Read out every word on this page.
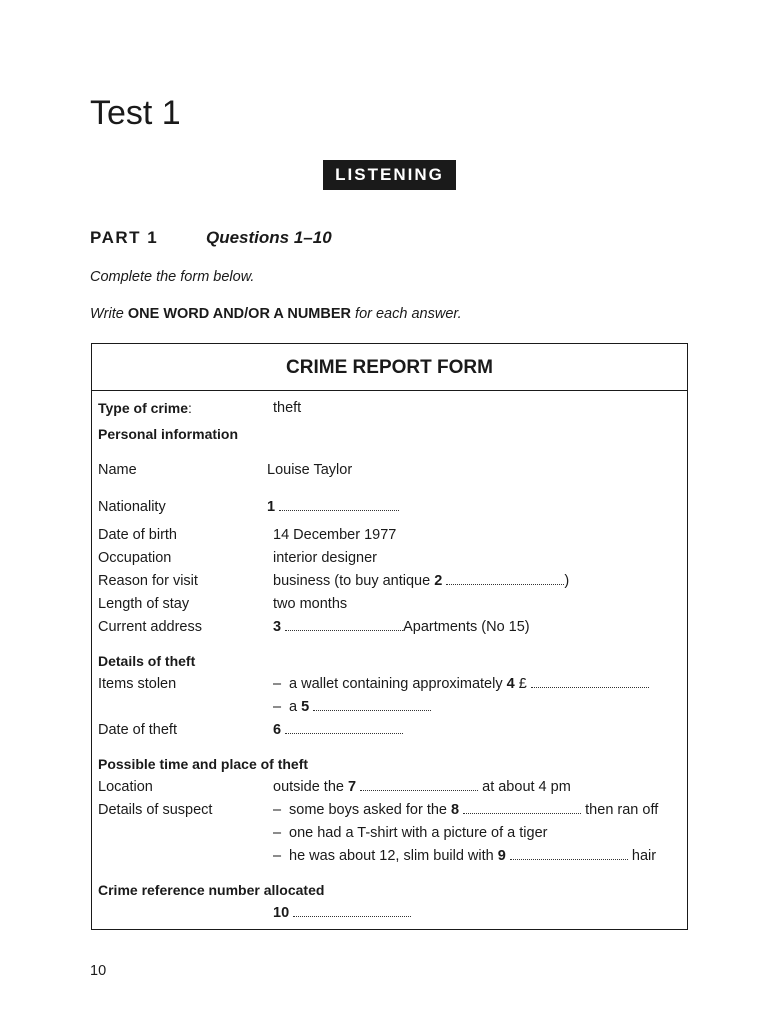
Test 1
LISTENING
PART 1	Questions 1–10
Complete the form below.
Write ONE WORD AND/OR A NUMBER for each answer.
CRIME REPORT FORM
Type of crime:	theft
Personal information
Name	Louise Taylor
Nationality	1
Date of birth	14 December 1977
Occupation	interior designer
Reason for visit	business (to buy antique 2	)
Length of stay	two months
Current address	3	Apartments (No 15)
Details of theft
Items stolen	– a wallet containing approximately 4 £
– a 5
Date of theft	6
Possible time and place of theft
Location	outside the 7	at about 4 pm
Details of suspect	– some boys asked for the 8	then ran off
– one had a T-shirt with a picture of a tiger
– he was about 12, slim build with 9	hair
Crime reference number allocated
10
10
